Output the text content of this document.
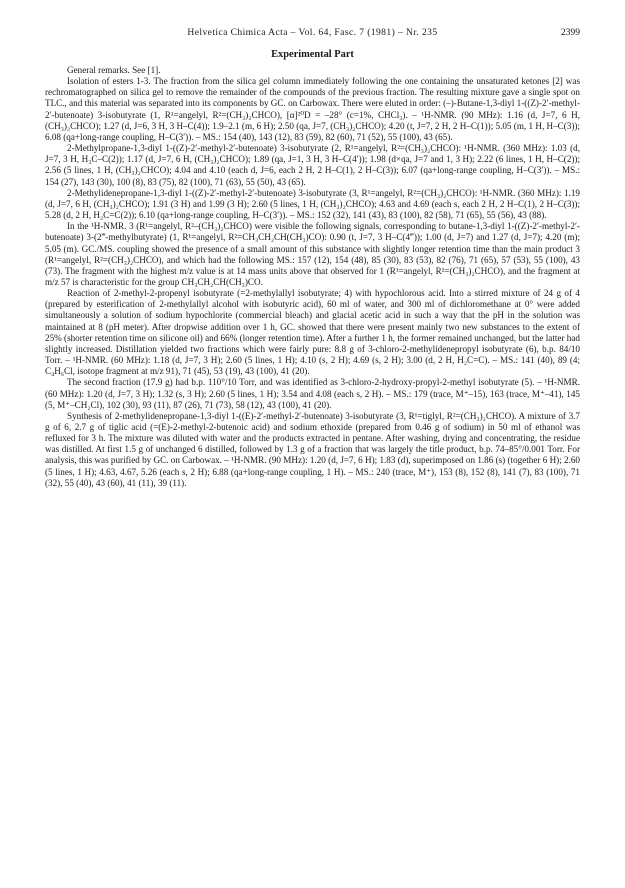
Helvetica Chimica Acta – Vol. 64, Fasc. 7 (1981) – Nr. 235	2399
Experimental Part

General remarks. See [1].

Isolation of esters 1-3. The fraction from the silica gel column immediately following the one containing the unsaturated ketones [2] was rechromatographed on silica gel to remove the remainder of the compounds of the previous fraction. The resulting mixture gave a single spot on TLC., and this material was separated into its components by GC. on Carbowax. There were eluted in order: (–)-Butane-1,3-diyl 1-((Z)-2′-methyl-2′-butenoate) 3-isobutyrate (1, R¹=angelyl, R²=(CH₃)₂CHCO), [α]²⁰D = –28° (c=1%, CHCl₃). – ¹H-NMR. (90 MHz): 1.16 (d, J=7, 6 H, (CH₃)₂CHCO); 1.27 (d, J=6, 3 H, 3 H–C(4)); 1.9–2.1 (m, 6 H); 2.50 (qa, J=7, (CH₃)₂CHCO); 4.20 (t, J=7, 2 H, 2 H–C(1)); 5.05 (m, 1 H, H–C(3)); 6.08 (qa+long-range coupling, H–C(3′)). – MS.: 154 (40), 143 (12), 83 (59), 82 (60), 71 (52), 55 (100), 43 (65).

2-Methylpropane-1,3-diyl 1-((Z)-2′-methyl-2′-butenoate) 3-isobutyrate (2, R¹=angelyl, R²=(CH₃)₂CHCO): ¹H-NMR. (360 MHz): 1.03 (d, J=7, 3 H, H₃C–C(2)); 1.17 (d, J=7, 6 H, (CH₃)₂CHCO); 1.89 (qa, J=1, 3 H, 3 H–C(4′)); 1.98 (d×qa, J=7 and 1, 3 H); 2.22 (6 lines, 1 H, H–C(2)); 2.56 (5 lines, 1 H, (CH₃)₂CHCO); 4.04 and 4.10 (each d, J=6, each 2 H, 2 H–C(1), 2 H–C(3)); 6.07 (qa+long-range coupling, H–C(3′)). – MS.: 154 (27), 143 (30), 100 (8), 83 (75), 82 (100), 71 (63), 55 (50), 43 (65).

2-Methylidenepropane-1,3-diyl 1-((Z)-2′-methyl-2′-butenoate) 3-isobutyrate (3, R¹=angelyl, R²=(CH₃)₂CHCO): ¹H-NMR. (360 MHz): 1.19 (d, J=7, 6 H, (CH₃)₂CHCO); 1.91 (3 H) and 1.99 (3 H); 2.60 (5 lines, 1 H, (CH₃)₂CHCO); 4.63 and 4.69 (each s, each 2 H, 2 H–C(1), 2 H–C(3)); 5.28 (d, 2 H, H₂C=C(2)); 6.10 (qa+long-range coupling, H–C(3′)). – MS.: 152 (32), 141 (43), 83 (100), 82 (58), 71 (65), 55 (56), 43 (88).

In the ¹H-NMR. 3 (R¹=angelyl, R²–(CH₃)₂CHCO) were visible the following signals, corresponding to butane-1,3-diyl 1-((Z)-2′-methyl-2′-butenoate) 3-(2‴-methylbutyrate) (1, R¹=angelyl, R²=CH₃CH₂CH(CH₃)CO): 0.90 (t, J=7, 3 H–C(4‴)); 1.00 (d, J=7) and 1.27 (d, J=7); 4.20 (m); 5.05 (m). GC./MS. coupling showed the presence of a small amount of this substance with slightly longer retention time than the main product 3 (R¹=angelyl, R²=(CH₃)₂CHCO), and which had the following MS.: 157 (12), 154 (48), 85 (30), 83 (53), 82 (76), 71 (65), 57 (53), 55 (100), 43 (73). The fragment with the highest m/z value is at 14 mass units above that observed for 1 (R¹=angelyl, R²=(CH₃)₂CHCO), and the fragment at m/z 57 is characteristic for the group CH₃CH₂CH(CH₃)CO.

Reaction of 2-methyl-2-propenyl isobutyrate (=2-methylallyl isobutyrate; 4) with hypochlorous acid. Into a stirred mixture of 24 g of 4 (prepared by esterification of 2-methylallyl alcohol with isobutyric acid), 60 ml of water, and 300 ml of dichloromethane at 0° were added simultaneously a solution of sodium hypochlorite (commercial bleach) and glacial acetic acid in such a way that the pH in the solution was maintained at 8 (pH meter). After dropwise addition over 1 h, GC. showed that there were present mainly two new substances to the extent of 25% (shorter retention time on silicone oil) and 66% (longer retention time). After a further 1 h, the former remained unchanged, but the latter had slightly increased. Distillation yielded two fractions which were fairly pure: 8.8 g of 3-chloro-2-methylidenepropyl isobutyrate (6), b.p. 84/10 Torr. – ¹H-NMR. (60 MHz): 1.18 (d, J=7, 3 H); 2.60 (5 lines, 1 H); 4.10 (s, 2 H); 4.69 (s, 2 H); 3.00 (d, 2 H, H₂C=C). – MS.: 141 (40), 89 (4; C₄H₆Cl, isotope fragment at m/z 91), 71 (45), 53 (19), 43 (100), 41 (20).

The second fraction (17.9 g) had b.p. 110°/10 Torr, and was identified as 3-chloro-2-hydroxy-propyl-2-methyl isobutyrate (5). – ¹H-NMR. (60 MHz): 1.20 (d, J=7, 3 H); 1.32 (s, 3 H); 2.60 (5 lines, 1 H); 3.54 and 4.08 (each s, 2 H). – MS.: 179 (trace, M⁺–15), 163 (trace, M⁺–41), 145 (5, M⁺–CH₂Cl), 102 (30), 93 (11), 87 (26), 71 (73), 58 (12), 43 (100), 41 (20).

Synthesis of 2-methylidenepropane-1,3-diyl 1-((E)-2′-methyl-2′-butenoate) 3-isobutyrate (3, R¹=tiglyl, R²=(CH₃)₂CHCO). A mixture of 3.7 g of 6, 2.7 g of tiglic acid (=(E)-2-methyl-2-butenoic acid) and sodium ethoxide (prepared from 0.46 g of sodium) in 50 ml of ethanol was refluxed for 3 h. The mixture was diluted with water and the products extracted in pentane. After washing, drying and concentrating, the residue was distilled. At first 1.5 g of unchanged 6 distilled, followed by 1.3 g of a fraction that was largely the title product, b.p. 74–85°/0.001 Torr. For analysis, this was purified by GC. on Carbowax. – ¹H-NMR. (90 MHz): 1.20 (d, J=7, 6 H); 1.83 (d), superimposed on 1.86 (s) (together 6 H); 2.60 (5 lines, 1 H); 4.63, 4.67, 5.26 (each s, 2 H); 6.88 (qa+long-range coupling, 1 H). – MS.: 240 (trace, M⁺), 153 (8), 152 (8), 141 (7), 83 (100), 71 (32), 55 (40), 43 (60), 41 (11), 39 (11).
